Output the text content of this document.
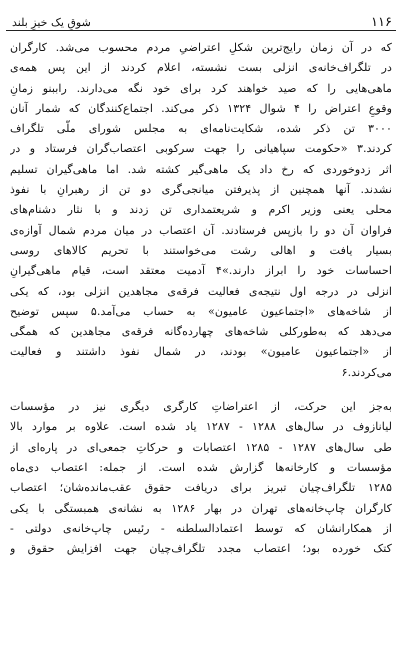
۱۱۶
شوقِ یک خیزِ بلند
که در آن زمان رایج‌ترین شکلِ اعتراضیِ مردم محسوب می‌شد. کارگران
در تلگراف‌خانه‌ی انزلی بست نشسته، اعلام کردند از این پس همه‌ی
ماهی‌هایی را که صید خواهند کرد برای خود نگه می‌دارند. راببنو زمانِ
وقوعِ اعتراض را ۴ شوال ۱۳۲۴ ذکر می‌کند. اجتماع‌کنندگان که شمار آنان
۳۰۰۰ تن ذکر شده، شکایت‌نامه‌ای به مجلس شورای ملّی تلگراف
کردند.۳ «حکومت سپاهیانی را جهت سرکوبی اعتصاب‌گران فرستاد و در
اثر زدوخوردی که رخ داد یک ماهی‌گیر کشته شد. اما ماهی‌گیران تسلیم
نشدند. آنها همچنین از پذیرفتن میانجی‌گری دو تن از رهبرانِ با نفوذ
محلی یعنی وزیر اکرم و شریعتمداری تن زدند و با نثار دشنام‌های
فراوان آن دو را بازپس فرستادند. آن اعتصاب در میان مردم شمال آوازه‌ی
بسیار یافت و اهالی رشت می‌خواستند با تحریم کالاهای روسی
احساسات خود را ابراز دارند.»۴ آدمیت معتقد است، قیام ماهی‌گیرانِ
انزلی در درجه اول نتیجه‌ی فعالیت فرقه‌ی مجاهدین انزلی بود، که یکی
از شاخه‌های «اجتماعیون عامیون» به حساب می‌آمد.۵ سپس توضیح
می‌دهد که به‌طورکلی شاخه‌های چهارده‌گانه فرقه‌ی مجاهدین که همگی
از «اجتماعیون عامیون» بودند، در شمال نفوذ داشتند و فعالیت
می‌کردند.۶
به‌جز این حرکت، از اعتراضاتِ کارگری دیگری نیز در مؤسسات
لیانازوف در سال‌های ۱۲۸۸ - ۱۲۸۷ یاد شده است. علاوه بر موارد بالا
طی سال‌های ۱۲۸۷ - ۱۲۸۵ اعتصابات و حرکاتِ جمعی‌ای در پاره‌ای از
مؤسسات و کارخانه‌ها گزارش شده است. از جمله: اعتصاب دی‌ماه
۱۲۸۵ تلگراف‌چیان تبریز برای دریافت حقوق عقب‌مانده‌شان؛ اعتصاب
کارگران چاپ‌خانه‌های تهران در بهار ۱۲۸۶ به نشانه‌ی همبستگی با یکی
از همکارانشان که توسط اعتمادالسلطنه - رئیس چاپ‌خانه‌ی دولتی -
کتک خورده بود؛ اعتصاب مجدد تلگراف‌چیان جهت افزایش حقوق و
